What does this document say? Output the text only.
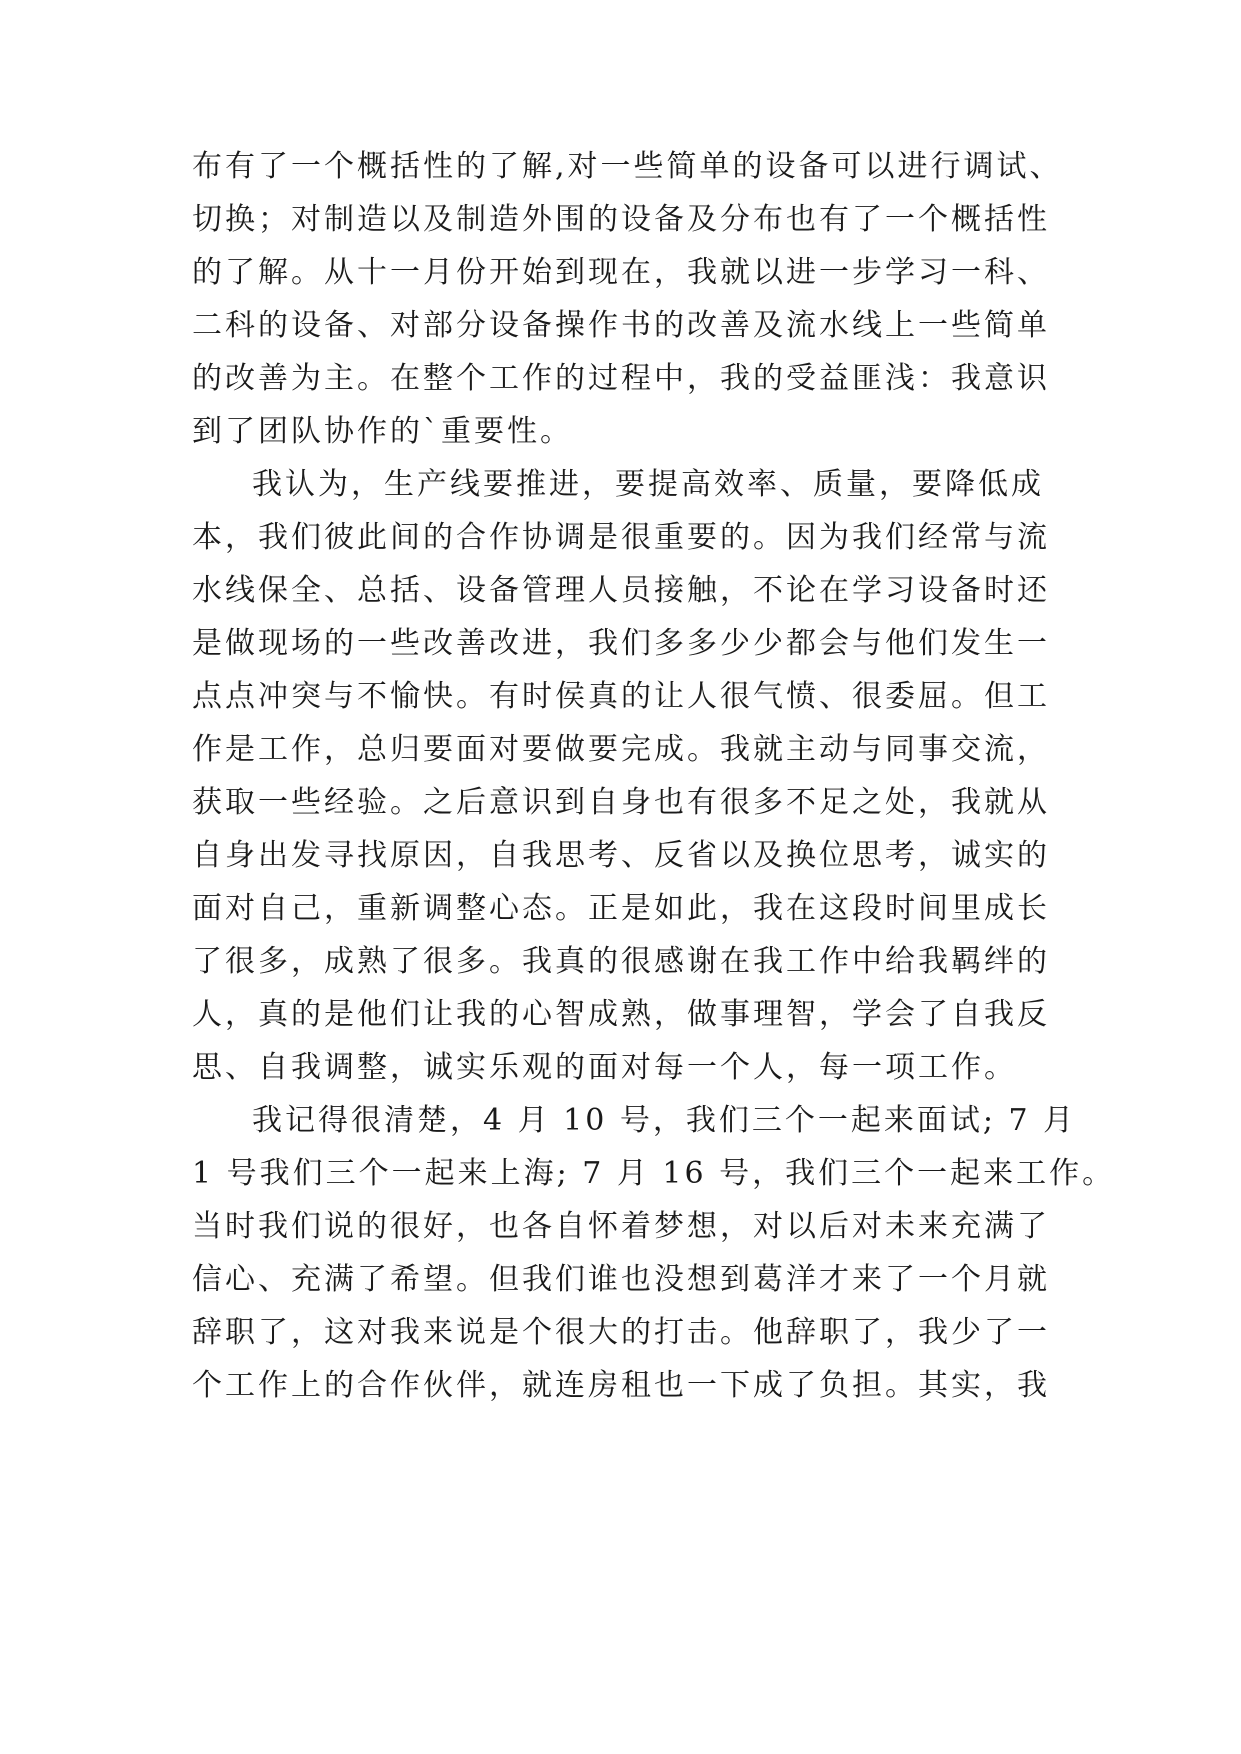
布有了一个概括性的了解,对一些简单的设备可以进行调试、
切换；对制造以及制造外围的设备及分布也有了一个概括性
的了解。从十一月份开始到现在，我就以进一步学习一科、
二科的设备、对部分设备操作书的改善及流水线上一些简单
的改善为主。在整个工作的过程中，我的受益匪浅：我意识
到了团队协作的`重要性。
我认为，生产线要推进，要提高效率、质量，要降低成
本，我们彼此间的合作协调是很重要的。因为我们经常与流
水线保全、总括、设备管理人员接触，不论在学习设备时还
是做现场的一些改善改进，我们多多少少都会与他们发生一
点点冲突与不愉快。有时侯真的让人很气愤、很委屈。但工
作是工作，总归要面对要做要完成。我就主动与同事交流，
获取一些经验。之后意识到自身也有很多不足之处，我就从
自身出发寻找原因，自我思考、反省以及换位思考，诚实的
面对自己，重新调整心态。正是如此，我在这段时间里成长
了很多，成熟了很多。我真的很感谢在我工作中给我羁绊的
人，真的是他们让我的心智成熟，做事理智，学会了自我反
思、自我调整，诚实乐观的面对每一个人，每一项工作。
我记得很清楚，4 月 10 号，我们三个一起来面试; 7 月
1 号我们三个一起来上海; 7 月 16 号，我们三个一起来工作。
当时我们说的很好，也各自怀着梦想，对以后对未来充满了
信心、充满了希望。但我们谁也没想到葛洋才来了一个月就
辞职了，这对我来说是个很大的打击。他辞职了，我少了一
个工作上的合作伙伴，就连房租也一下成了负担。其实，我
